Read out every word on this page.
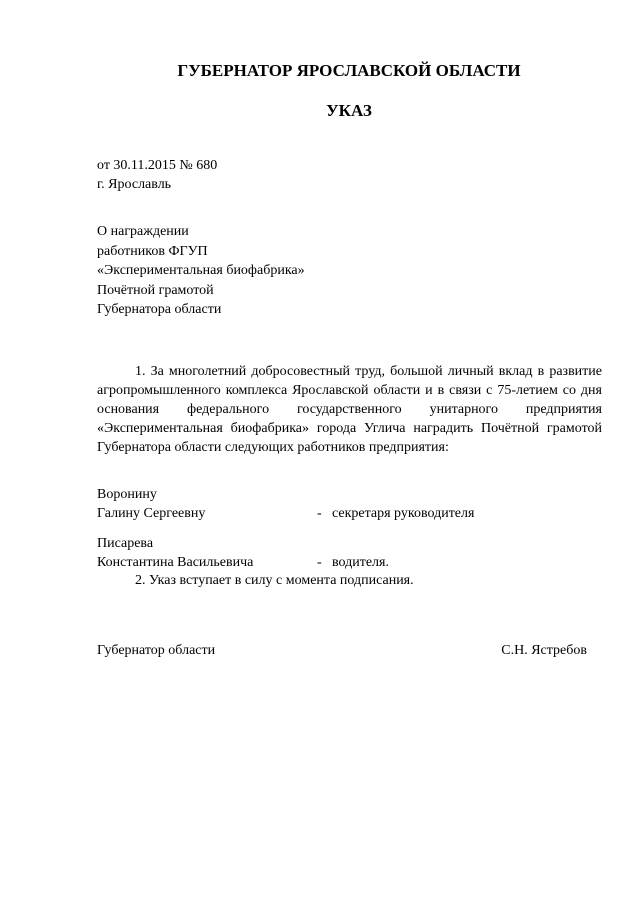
ГУБЕРНАТОР ЯРОСЛАВСКОЙ ОБЛАСТИ
УКАЗ
от 30.11.2015 № 680
г. Ярославль
О награждении
работников ФГУП
«Экспериментальная биофабрика»
Почётной грамотой
Губернатора области
1. За многолетний добросовестный труд, большой личный вклад в развитие агропромышленного комплекса Ярославской области и в связи с 75-летием со дня основания федерального государственного унитарного предприятия «Экспериментальная биофабрика» города Углича наградить Почётной грамотой Губернатора области следующих работников предприятия:
Воронину
Галину Сергеевну	- секретаря руководителя
Писарева
Константина Васильевича	- водителя.
2. Указ вступает в силу с момента подписания.
Губернатор области	С.Н. Ястребов
